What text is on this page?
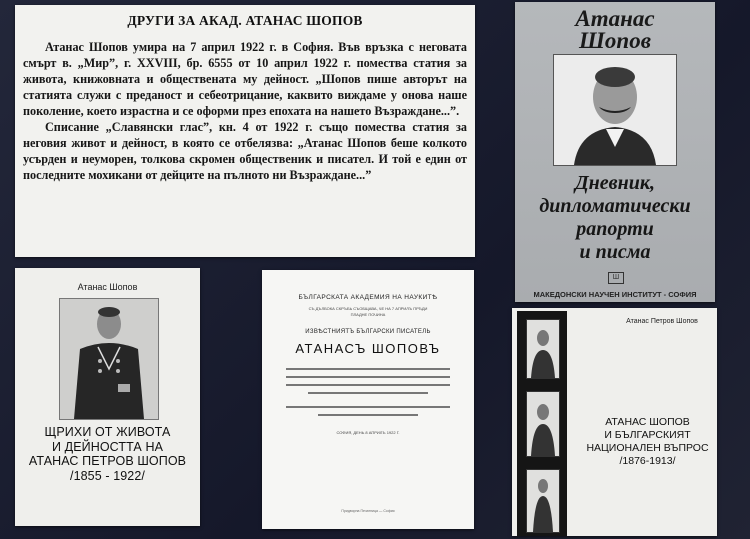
ДРУГИ ЗА АКАД. АТАНАС ШОПОВ
Атанас Шопов умира на 7 април 1922 г. в София. Във връзка с неговата смърт в. „Мир”, г. XXVIII, бр. 6555 от 10 април 1922 г. помества статия за живота, книжовната и обществената му дейност. „Шопов пише авторът на статията служи с преданост и себеотрицание, каквито виждаме у онова наше поколение, което израстна и се оформи през епохата на нашето Възраждане...”.
Списание „Славянски глас”, кн. 4 от 1922 г. също помества статия за неговия живот и дейност, в която се отбелязва: „Атанас Шопов беше колкото усърден и неуморен, толкова скромен общественик и писател. И той е един от последните мохикани от дейците на пълното ни Възраждане...”
Атанас
Шопов
Дневник,
дипломатически
рапорти
и писма
Ш
МАКЕДОНСКИ НАУЧЕН ИНСТИТУТ - СОФИЯ
Атанас Шопов
ЩРИХИ ОТ ЖИВОТА
И ДЕЙНОСТТА НА
АТАНАС ПЕТРОВ ШОПОВ
/1855 - 1922/
БЪЛГАРСКАТА АКАДЕМИЯ НА НАУКИТѢ
СЪ ДЪЛБОКА СКРЪБЬ СЪОБЩАВА, ЧЕ НА 7 АПРИЛЪ ПРѢДИ
ПЛАДНЕ ПОЧИНА
ИЗВѢСТНИЯТЪ БЪЛГАРСКИ ПИСАТЕЛЬ
АТАНАСЪ ШОПОВЪ
СОФИЯ, ДЕНЬ 8 АПРИЛЪ 1922 Г.
Придворна Печатница — София
Атанас Петров Шопов
АТАНАС ШОПОВ
И БЪЛГАРСКИЯТ
НАЦИОНАЛЕН ВЪПРОС
/1876-1913/
